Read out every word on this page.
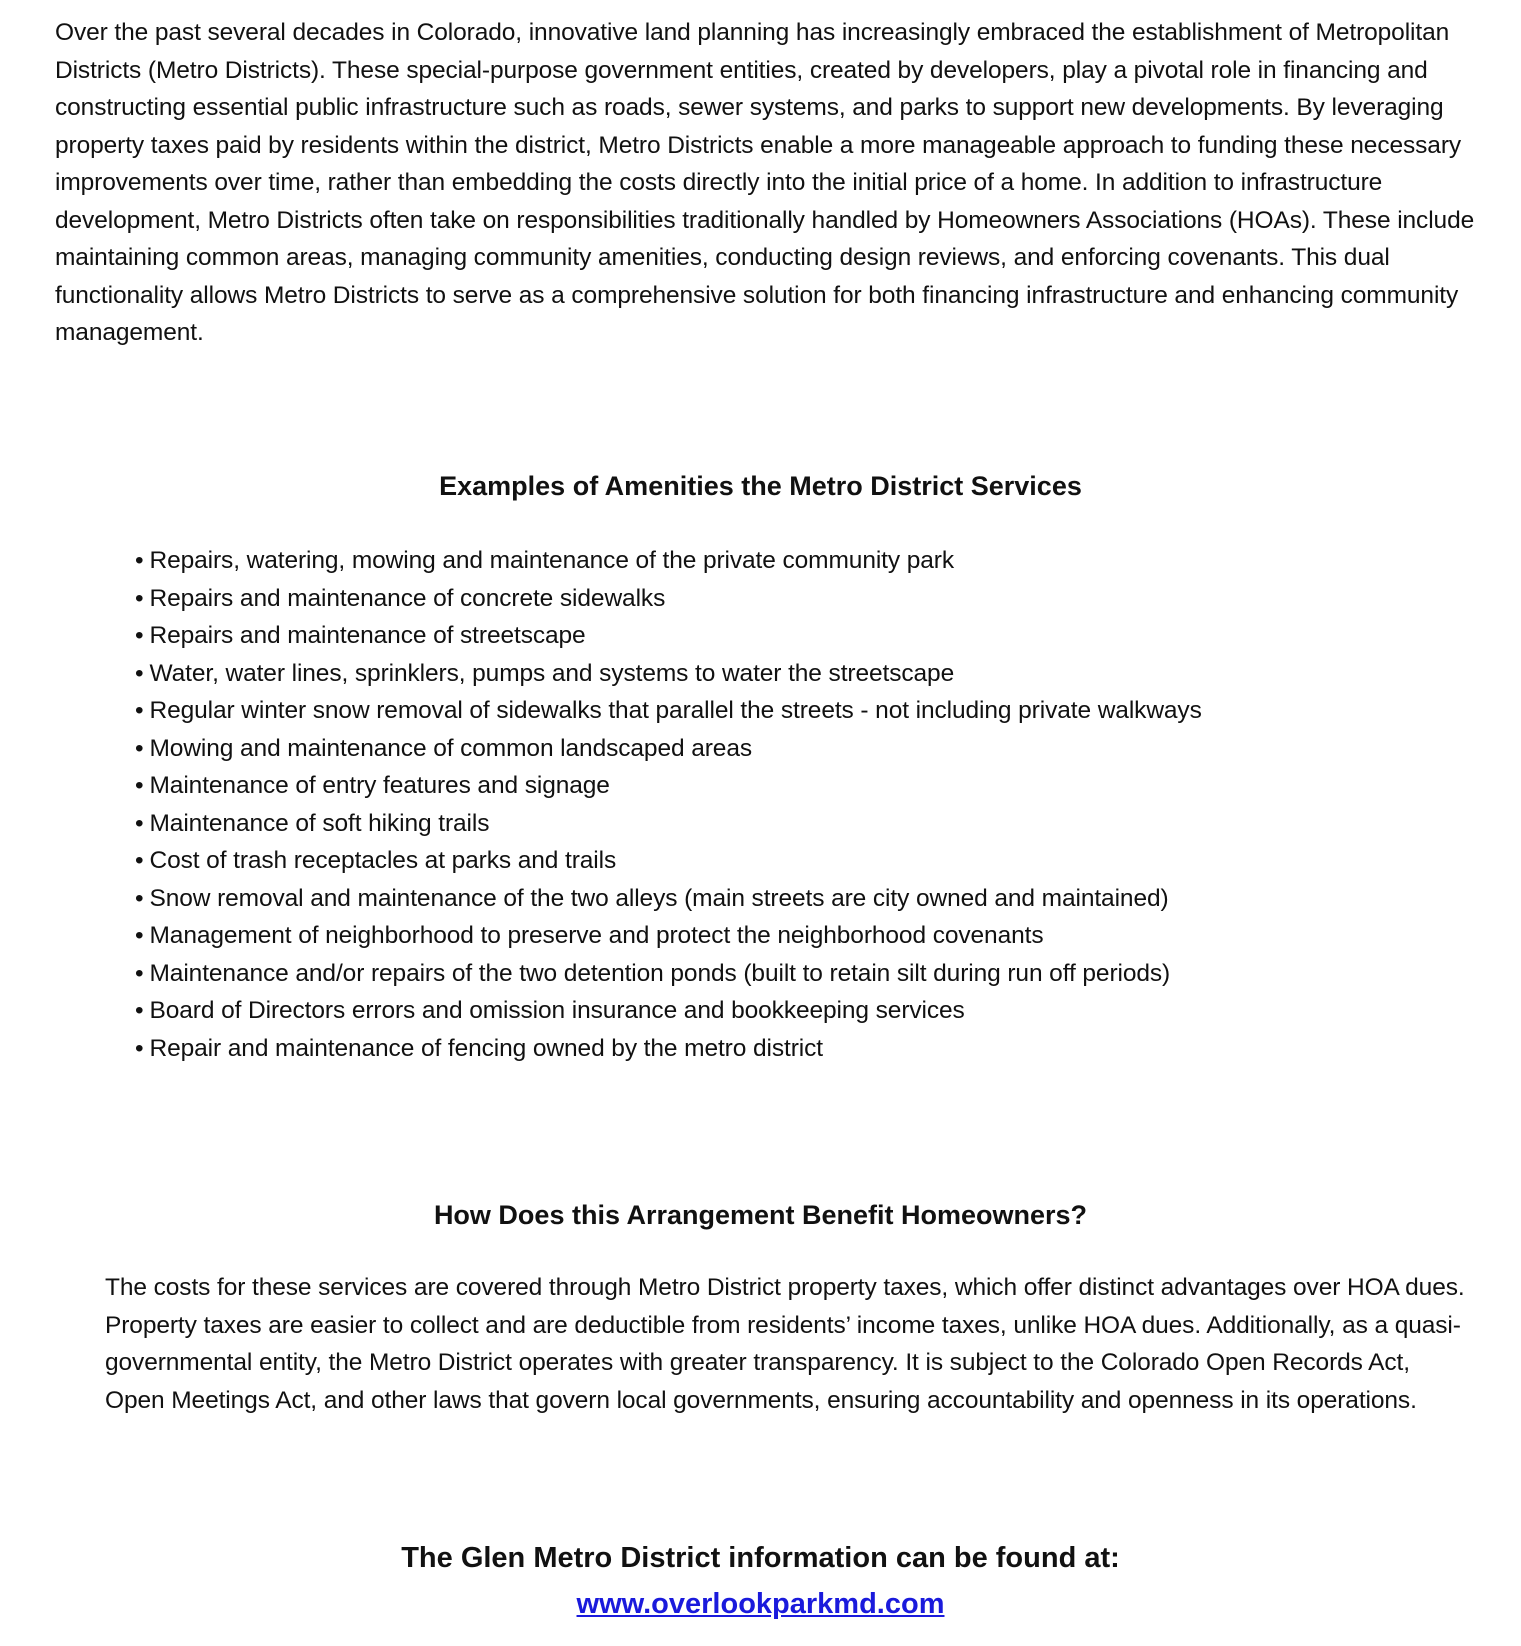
Over the past several decades in Colorado, innovative land planning has increasingly embraced the establishment of Metropolitan Districts (Metro Districts). These special-purpose government entities, created by developers, play a pivotal role in financing and constructing essential public infrastructure such as roads, sewer systems, and parks to support new developments. By leveraging property taxes paid by residents within the district, Metro Districts enable a more manageable approach to funding these necessary improvements over time, rather than embedding the costs directly into the initial price of a home. In addition to infrastructure development, Metro Districts often take on responsibilities traditionally handled by Homeowners Associations (HOAs). These include maintaining common areas, managing community amenities, conducting design reviews, and enforcing covenants. This dual functionality allows Metro Districts to serve as a comprehensive solution for both financing infrastructure and enhancing community management.

Examples of Amenities the Metro District Services
• Repairs, watering, mowing and maintenance of the private community park
• Repairs and maintenance of concrete sidewalks
• Repairs and maintenance of streetscape
• Water, water lines, sprinklers, pumps and systems to water the streetscape
• Regular winter snow removal of sidewalks that parallel the streets - not including private walkways
• Mowing and maintenance of common landscaped areas
• Maintenance of entry features and signage
• Maintenance of soft hiking trails
• Cost of trash receptacles at parks and trails
• Snow removal and maintenance of the two alleys (main streets are city owned and maintained)
• Management of neighborhood to preserve and protect the neighborhood covenants
• Maintenance and/or repairs of the two detention ponds (built to retain silt during run off periods)
• Board of Directors errors and omission insurance and bookkeeping services
• Repair and maintenance of fencing owned by the metro district
How Does this Arrangement Benefit Homeowners?

The costs for these services are covered through Metro District property taxes, which offer distinct advantages over HOA dues. Property taxes are easier to collect and are deductible from residents’ income taxes, unlike HOA dues. Additionally, as a quasi-governmental entity, the Metro District operates with greater transparency. It is subject to the Colorado Open Records Act, Open Meetings Act, and other laws that govern local governments, ensuring accountability and openness in its operations.

The Glen Metro District information can be found at:
www.overlookparkmd.com
